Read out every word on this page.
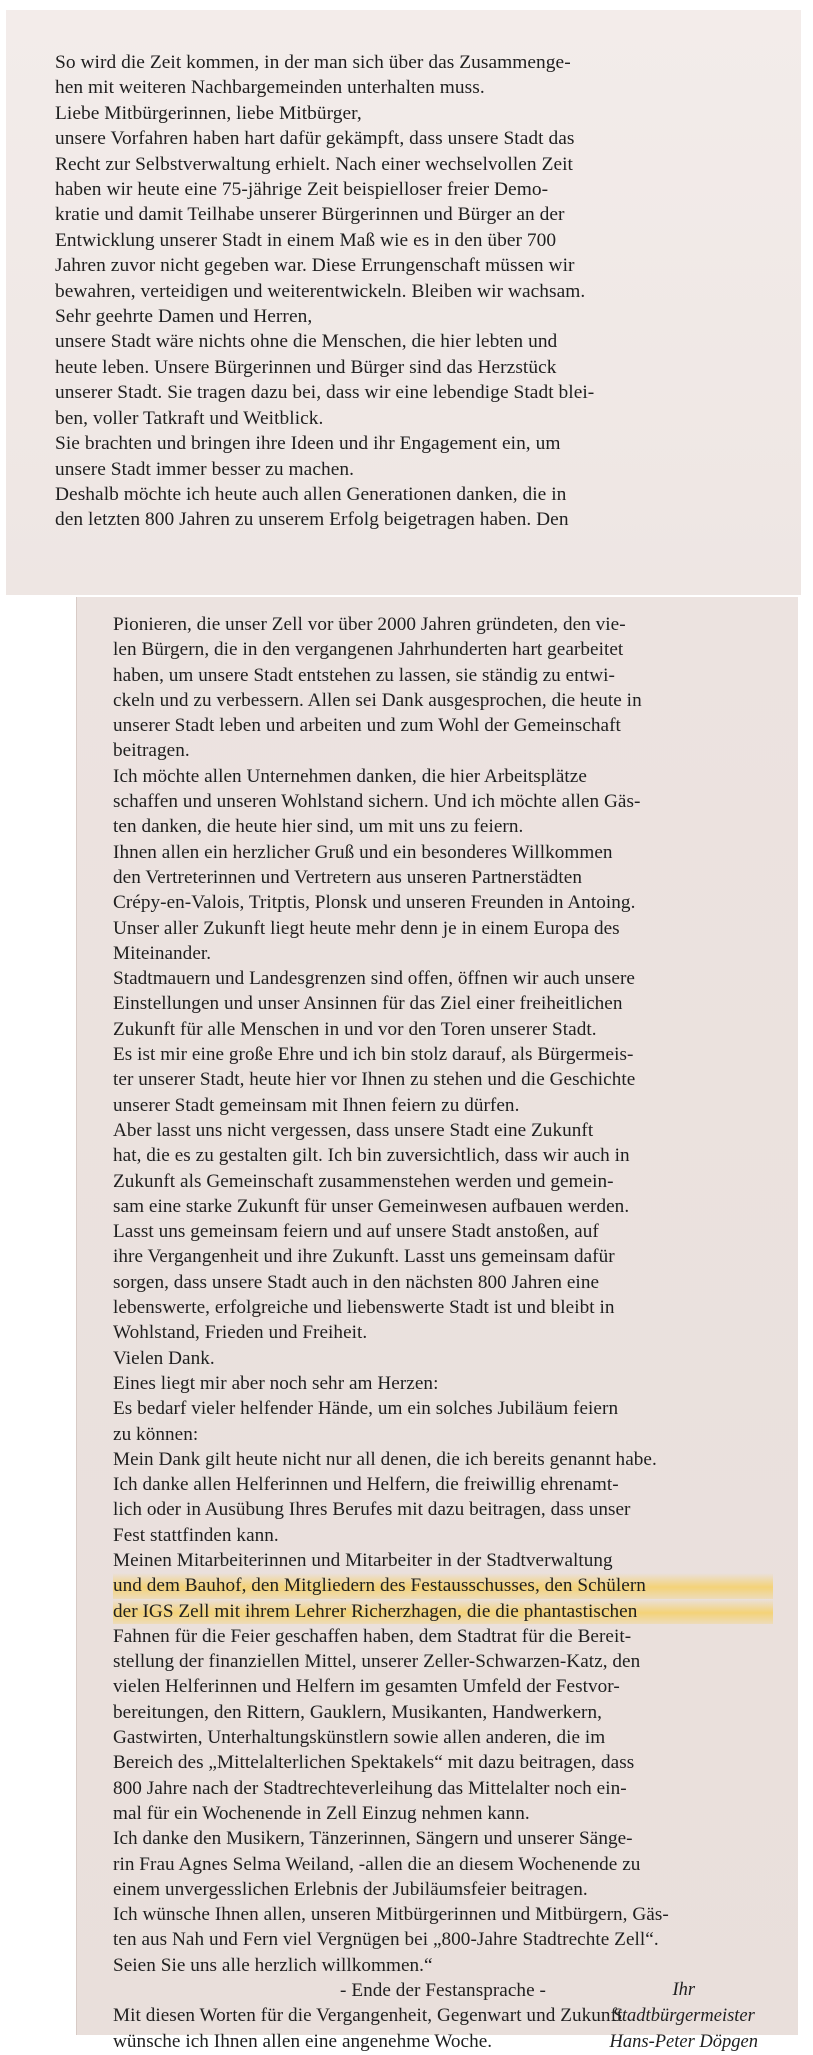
So wird die Zeit kommen, in der man sich über das Zusammenge-

hen mit weiteren Nachbargemeinden unterhalten muss.

Liebe Mitbürgerinnen, liebe Mitbürger,

unsere Vorfahren haben hart dafür gekämpft, dass unsere Stadt das

Recht zur Selbstverwaltung erhielt. Nach einer wechselvollen Zeit

haben wir heute eine 75-jährige Zeit beispielloser freier Demo-

kratie und damit Teilhabe unserer Bürgerinnen und Bürger an der

Entwicklung unserer Stadt in einem Maß wie es in den über 700

Jahren zuvor nicht gegeben war. Diese Errungenschaft müssen wir

bewahren, verteidigen und weiterentwickeln. Bleiben wir wachsam.

Sehr geehrte Damen und Herren,

unsere Stadt wäre nichts ohne die Menschen, die hier lebten und

heute leben. Unsere Bürgerinnen und Bürger sind das Herzstück

unserer Stadt. Sie tragen dazu bei, dass wir eine lebendige Stadt blei-

ben, voller Tatkraft und Weitblick.

Sie brachten und bringen ihre Ideen und ihr Engagement ein, um

unsere Stadt immer besser zu machen.

Deshalb möchte ich heute auch allen Generationen danken, die in

den letzten 800 Jahren zu unserem Erfolg beigetragen haben. Den

Pionieren, die unser Zell vor über 2000 Jahren gründeten, den vie-

len Bürgern, die in den vergangenen Jahrhunderten hart gearbeitet

haben, um unsere Stadt entstehen zu lassen, sie ständig zu entwi-

ckeln und zu verbessern. Allen sei Dank ausgesprochen, die heute in

unserer Stadt leben und arbeiten und zum Wohl der Gemeinschaft

beitragen.

Ich möchte allen Unternehmen danken, die hier Arbeitsplätze

schaffen und unseren Wohlstand sichern. Und ich möchte allen Gäs-

ten danken, die heute hier sind, um mit uns zu feiern.

Ihnen allen ein herzlicher Gruß und ein besonderes Willkommen

den Vertreterinnen und Vertretern aus unseren Partnerstädten

Crépy-en-Valois, Tritptis, Plonsk und unseren Freunden in Antoing.

Unser aller Zukunft liegt heute mehr denn je in einem Europa des

Miteinander.

Stadtmauern und Landesgrenzen sind offen, öffnen wir auch unsere

Einstellungen und unser Ansinnen für das Ziel einer freiheitlichen

Zukunft für alle Menschen in und vor den Toren unserer Stadt.

Es ist mir eine große Ehre und ich bin stolz darauf, als Bürgermeis-

ter unserer Stadt, heute hier vor Ihnen zu stehen und die Geschichte

unserer Stadt gemeinsam mit Ihnen feiern zu dürfen.

Aber lasst uns nicht vergessen, dass unsere Stadt eine Zukunft

hat, die es zu gestalten gilt. Ich bin zuversichtlich, dass wir auch in

Zukunft als Gemeinschaft zusammenstehen werden und gemein-

sam eine starke Zukunft für unser Gemeinwesen aufbauen werden.

Lasst uns gemeinsam feiern und auf unsere Stadt anstoßen, auf

ihre Vergangenheit und ihre Zukunft. Lasst uns gemeinsam dafür

sorgen, dass unsere Stadt auch in den nächsten 800 Jahren eine

lebenswerte, erfolgreiche und liebenswerte Stadt ist und bleibt in

Wohlstand, Frieden und Freiheit.

Vielen Dank.

Eines liegt mir aber noch sehr am Herzen:

Es bedarf vieler helfender Hände, um ein solches Jubiläum feiern

zu können:

Mein Dank gilt heute nicht nur all denen, die ich bereits genannt habe.

Ich danke allen Helferinnen und Helfern, die freiwillig ehrenamt-

lich oder in Ausübung Ihres Berufes mit dazu beitragen, dass unser

Fest stattfinden kann.

Meinen Mitarbeiterinnen und Mitarbeiter in der Stadtverwaltung

und dem Bauhof, den Mitgliedern des Festausschusses, den Schülern

der IGS Zell mit ihrem Lehrer Richerzhagen, die die phantastischen

Fahnen für die Feier geschaffen haben, dem Stadtrat für die Bereit-

stellung der finanziellen Mittel, unserer Zeller-Schwarzen-Katz, den

vielen Helferinnen und Helfern im gesamten Umfeld der Festvor-

bereitungen, den Rittern, Gauklern, Musikanten, Handwerkern,

Gastwirten, Unterhaltungskünstlern sowie allen anderen, die im

Bereich des „Mittelalterlichen Spektakels“ mit dazu beitragen, dass

800 Jahre nach der Stadtrechteverleihung das Mittelalter noch ein-

mal für ein Wochenende in Zell Einzug nehmen kann.

Ich danke den Musikern, Tänzerinnen, Sängern und unserer Sänge-

rin Frau Agnes Selma Weiland, -allen die an diesem Wochenende zu

einem unvergesslichen Erlebnis der Jubiläumsfeier beitragen.

Ich wünsche Ihnen allen, unseren Mitbürgerinnen und Mitbürgern, Gäs-

ten aus Nah und Fern viel Vergnügen bei „800-Jahre Stadtrechte Zell“.

Seien Sie uns alle herzlich willkommen.“

- Ende der Festansprache -

Mit diesen Worten für die Vergangenheit, Gegenwart und Zukunft

wünsche ich Ihnen allen eine angenehme Woche.

Ihr
Stadtbürgermeister
Hans-Peter Döpgen
